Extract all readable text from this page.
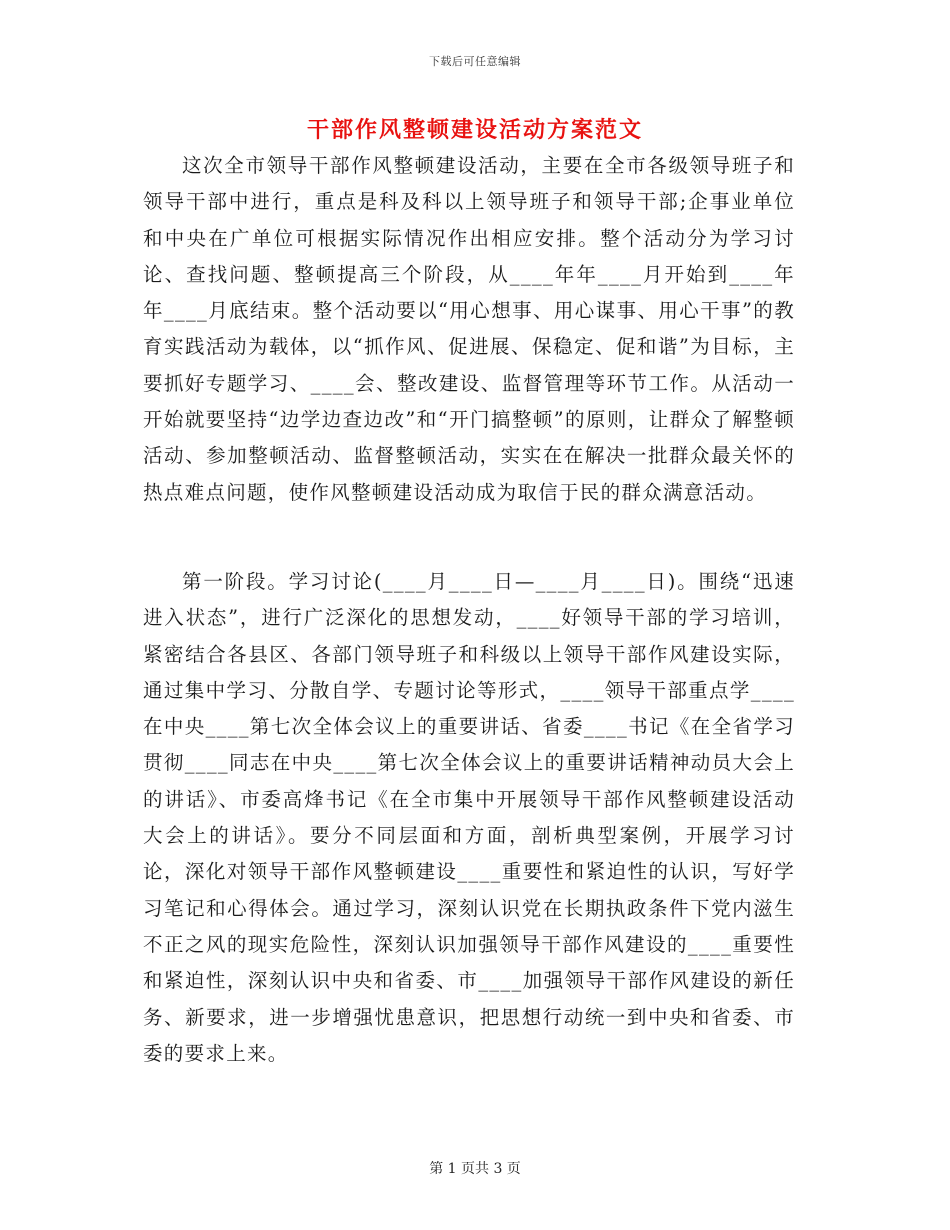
下载后可任意编辑
干部作风整顿建设活动方案范文

这次全市领导干部作风整顿建设活动，主要在全市各级领导班子和领导干部中进行，重点是科及科以上领导班子和领导干部;企事业单位和中央在广单位可根据实际情况作出相应安排。整个活动分为学习讨论、查找问题、整顿提高三个阶段，从____年年____月开始到____年年____月底结束。整个活动要以“用心想事、用心谋事、用心干事”的教育实践活动为载体，以“抓作风、促进展、保稳定、促和谐”为目标，主要抓好专题学习、____会、整改建设、监督管理等环节工作。从活动一开始就要坚持“边学边查边改”和“开门搞整顿”的原则，让群众了解整顿活动、参加整顿活动、监督整顿活动，实实在在解决一批群众最关怀的热点难点问题，使作风整顿建设活动成为取信于民的群众满意活动。

第一阶段。学习讨论(____月____日—____月____日)。围绕“迅速进入状态”，进行广泛深化的思想发动，____好领导干部的学习培训，紧密结合各县区、各部门领导班子和科级以上领导干部作风建设实际，通过集中学习、分散自学、专题讨论等形式，____领导干部重点学____在中央____第七次全体会议上的重要讲话、省委____书记《在全省学习贯彻____同志在中央____第七次全体会议上的重要讲话精神动员大会上的讲话》、市委高烽书记《在全市集中开展领导干部作风整顿建设活动大会上的讲话》。要分不同层面和方面，剖析典型案例，开展学习讨论，深化对领导干部作风整顿建设____重要性和紧迫性的认识，写好学习笔记和心得体会。通过学习，深刻认识党在长期执政条件下党内滋生不正之风的现实危险性，深刻认识加强领导干部作风建设的____重要性和紧迫性，深刻认识中央和省委、市____加强领导干部作风建设的新任务、新要求，进一步增强忧患意识，把思想行动统一到中央和省委、市委的要求上来。

第 1 页共 3 页
